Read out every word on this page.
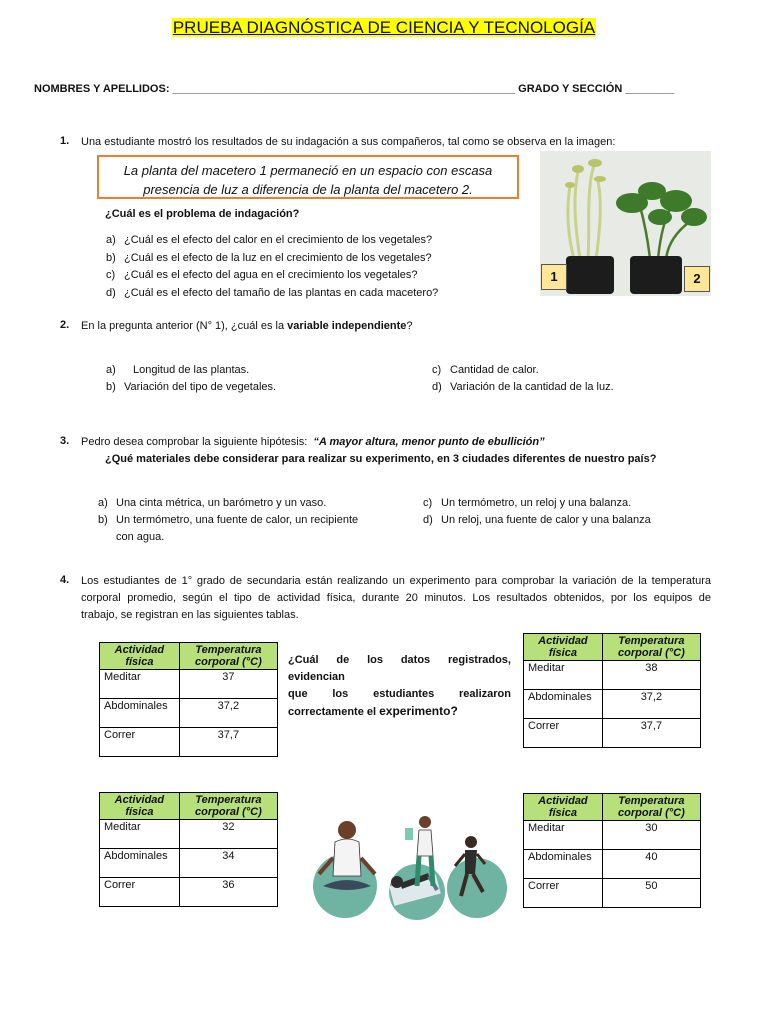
PRUEBA DIAGNÓSTICA DE CIENCIA Y TECNOLOGÍA
NOMBRES Y APELLIDOS: ________________________________________________________ GRADO Y SECCIÓN ________
1. Una estudiante mostró los resultados de su indagación a sus compañeros, tal como se observa en la imagen:
La planta del macetero 1 permaneció en un espacio con escasa
presencia de luz a diferencia de la planta del macetero 2.
¿Cuál es el problema de indagación?
a) ¿Cuál es el efecto del calor en el crecimiento de los vegetales?
b) ¿Cuál es el efecto de la luz en el crecimiento de los vegetales?
c) ¿Cuál es el efecto del agua en el crecimiento los vegetales?
d) ¿Cuál es el efecto del tamaño de las plantas en cada macetero?
1	2
2. En la pregunta anterior (N° 1), ¿cuál es la variable independiente?
a) Longitud de las plantas.
b) Variación del tipo de vegetales.
c) Cantidad de calor.
d) Variación de la cantidad de la luz.
3. Pedro desea comprobar la siguiente hipótesis: “A mayor altura, menor punto de ebullición”
¿Qué materiales debe considerar para realizar su experimento, en 3 ciudades diferentes de nuestro país?
a) Una cinta métrica, un barómetro y un vaso.
b) Un termómetro, una fuente de calor, un recipiente
con agua.
c) Un termómetro, un reloj y una balanza.
d) Un reloj, una fuente de calor y una balanza
4. Los estudiantes de 1° grado de secundaria están realizando un experimento para comprobar la variación de la temperatura
corporal promedio, según el tipo de actividad física, durante 20 minutos. Los resultados obtenidos, por los equipos de
trabajo, se registran en las siguientes tablas.
¿Cuál de los datos registrados, evidencian
que los estudiantes realizaron
correctamente el experimento?
Actividad física	Temperatura corporal (°C)
Meditar	37
Abdominales	37,2
Correr	37,7
Actividad física	Temperatura corporal (°C)
Meditar	38
Abdominales	37,2
Correr	37,7
Actividad física	Temperatura corporal (°C)
Meditar	32
Abdominales	34
Correr	36
Actividad física	Temperatura corporal (°C)
Meditar	30
Abdominales	40
Correr	50
